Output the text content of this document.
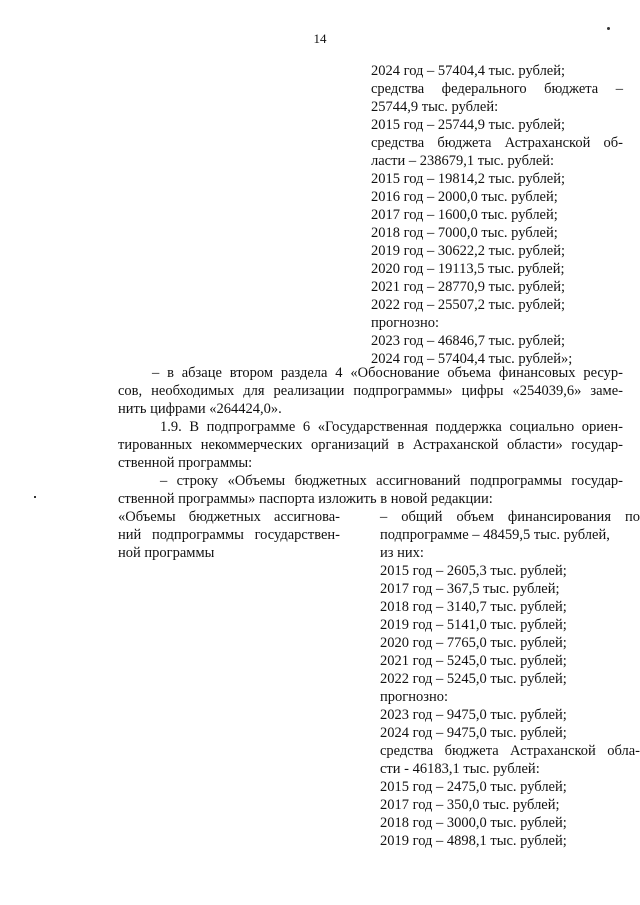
14
2024 год – 57404,4 тыс. рублей;
средства федерального бюджета –
25744,9 тыс. рублей:
2015 год – 25744,9 тыс. рублей;
средства бюджета Астраханской об-
ласти – 238679,1 тыс. рублей:
2015 год – 19814,2 тыс. рублей;
2016 год – 2000,0 тыс. рублей;
2017 год – 1600,0 тыс. рублей;
2018 год – 7000,0 тыс. рублей;
2019 год – 30622,2 тыс. рублей;
2020 год – 19113,5 тыс. рублей;
2021 год – 28770,9 тыс. рублей;
2022 год – 25507,2 тыс. рублей;
прогнозно:
2023 год – 46846,7 тыс. рублей;
2024 год – 57404,4 тыс. рублей»;
– в абзаце втором раздела 4 «Обоснование объема финансовых ресур-
сов, необходимых для реализации подпрограммы» цифры «254039,6» заме-
нить цифрами «264424,0».
1.9. В подпрограмме 6 «Государственная поддержка социально ориен-
тированных некоммерческих организаций в Астраханской области» государ-
ственной программы:
– строку «Объемы бюджетных ассигнований подпрограммы государ-
ственной программы» паспорта изложить в новой редакции:
«Объемы бюджетных ассигнова-
ний подпрограммы государствен-
ной программы
– общий объем финансирования по
подпрограмме – 48459,5 тыс. рублей,
из них:
2015 год – 2605,3 тыс. рублей;
2017 год – 367,5 тыс. рублей;
2018 год – 3140,7 тыс. рублей;
2019 год – 5141,0 тыс. рублей;
2020 год – 7765,0 тыс. рублей;
2021 год – 5245,0 тыс. рублей;
2022 год – 5245,0 тыс. рублей;
прогнозно:
2023 год – 9475,0 тыс. рублей;
2024 год – 9475,0 тыс. рублей;
средства бюджета Астраханской обла-
сти - 46183,1 тыс. рублей:
2015 год – 2475,0 тыс. рублей;
2017 год – 350,0 тыс. рублей;
2018 год – 3000,0 тыс. рублей;
2019 год – 4898,1 тыс. рублей;
